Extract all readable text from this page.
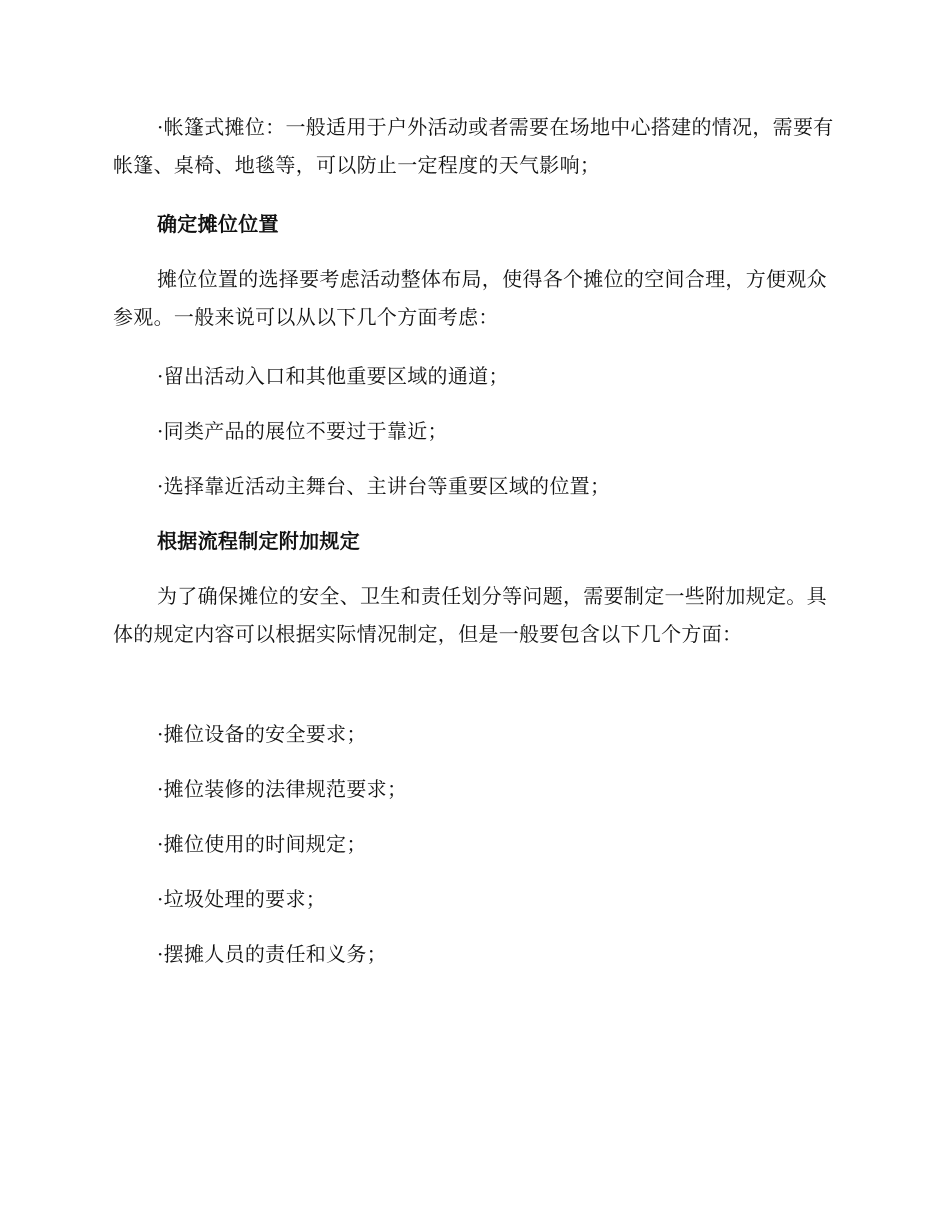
·帐篷式摊位：一般适用于户外活动或者需要在场地中心搭建的情况，需要有帐篷、桌椅、地毯等，可以防止一定程度的天气影响；

确定摊位位置

摊位位置的选择要考虑活动整体布局，使得各个摊位的空间合理，方便观众参观。一般来说可以从以下几个方面考虑：

·留出活动入口和其他重要区域的通道；

·同类产品的展位不要过于靠近；

·选择靠近活动主舞台、主讲台等重要区域的位置；

根据流程制定附加规定

为了确保摊位的安全、卫生和责任划分等问题，需要制定一些附加规定。具体的规定内容可以根据实际情况制定，但是一般要包含以下几个方面：

·摊位设备的安全要求；

·摊位装修的法律规范要求；

·摊位使用的时间规定；

·垃圾处理的要求；

·摆摊人员的责任和义务；
